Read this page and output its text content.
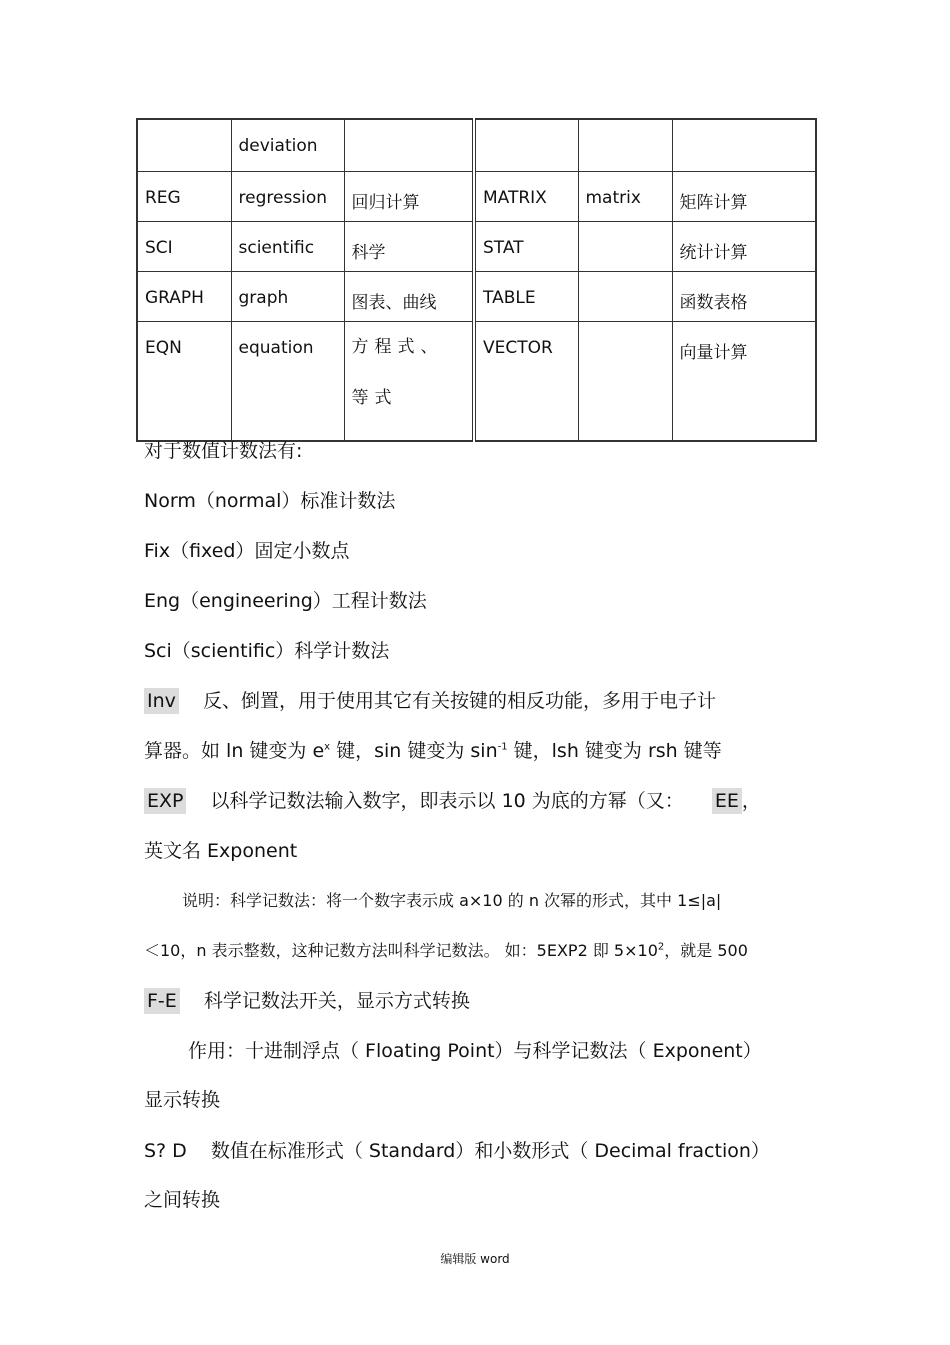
	deviation				
REG	regression	回归计算	MATRIX	matrix	矩阵计算
SCI	scientific	科学	STAT		统计计算
GRAPH	graph	图表、曲线	TABLE		函数表格
EQN	equation	方程式、等式	VECTOR		向量计算
对于数值计数法有:
Norm（normal）标准计数法
Fix（fixed）固定小数点
Eng（engineering）工程计数法
Sci（scientific）科学计数法
Inv 反、倒置，用于使用其它有关按键的相反功能，多用于电子计
算器。如 ln 键变为 $e^x$ 键，sin 键变为 $\sin^{-1}$ 键，lsh 键变为 rsh 键等
EXP 以科学记数法输入数字，即表示以 10 为底的方幂（又： EE ，
英文名 Exponent
说明：科学记数法：将一个数字表示成 a×10 的 n 次幂的形式，其中 1≤|a|
＜10，n 表示整数，这种记数方法叫科学记数法。 如：5EXP2 即 $5\times 10^2$，就是 500
F-E 科学记数法开关，显示方式转换
作用：十进制浮点（ Floating Point）与科学记数法（ Exponent）
显示转换
S? D 数值在标准形式（ Standard）和小数形式（ Decimal fraction）
之间转换
编辑版 word
